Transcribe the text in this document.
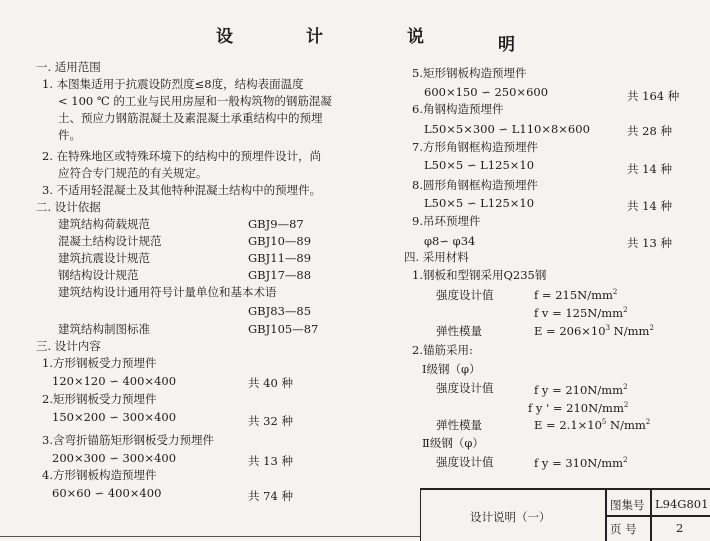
设	计	说	明
一. 适用范围
1. 本图集适用于抗震设防烈度≤8度，结构表面温度
< 100 ℃ 的工业与民用房屋和一般构筑物的钢筋混凝
土、预应力钢筋混凝土及素混凝土承重结构中的预埋
件。
2. 在特殊地区或特殊环境下的结构中的预埋件设计，尚
应符合专门规范的有关规定。
3. 不适用轻混凝土及其他特种混凝土结构中的预埋件。
二. 设计依据
建筑结构荷载规范	GBJ9—87
混凝土结构设计规范	GBJ10—89
建筑抗震设计规范	GBJ11—89
钢结构设计规范	GBJ17—88
建筑结构设计通用符号计量单位和基本术语
GBJ83—85
建筑结构制图标准	GBJ105—87
三. 设计内容
1.方形钢板受力预埋件
120×120 ∽ 400×400	共 40 种
2.矩形钢板受力预埋件
150×200 ∽ 300×400	共 32 种
3.含弯折锚筋矩形钢板受力预埋件
200×300 ∽ 300×400	共 13 种
4.方形钢板构造预埋件
60×60 ∽ 400×400	共 74 种
5.矩形钢板构造预埋件
600×150 ∽ 250×600	共 164 种
6.角钢构造预埋件
L50×5×300 ∽ L110×8×600	共 28 种
7.方形角钢框构造预埋件
L50×5 ∽ L125×10	共 14 种
8.圆形角钢框构造预埋件
L50×5 ∽ L125×10	共 14 种
9.吊环预埋件
φ8∽ φ34	共 13 种
四. 采用材料
1.钢板和型钢采用Q235钢
强度设计值	$f = 215N/mm^2$
f $v = 125N/mm^2$
弹性模量	$E = 206\times 10^3$ $N/mm^2$
2.锚筋采用:
Ⅰ级钢（φ）
强度设计值	f $y = 210N/mm^2$
f y ' = $210N/mm^2$
弹性模量	$E = 2.1\times 10^5$ $N/mm^2$
Ⅱ级钢（φ）
强度设计值	f $y = 310N/mm^2$
设计说明（一）
图集号 L94G801
页 号	2
